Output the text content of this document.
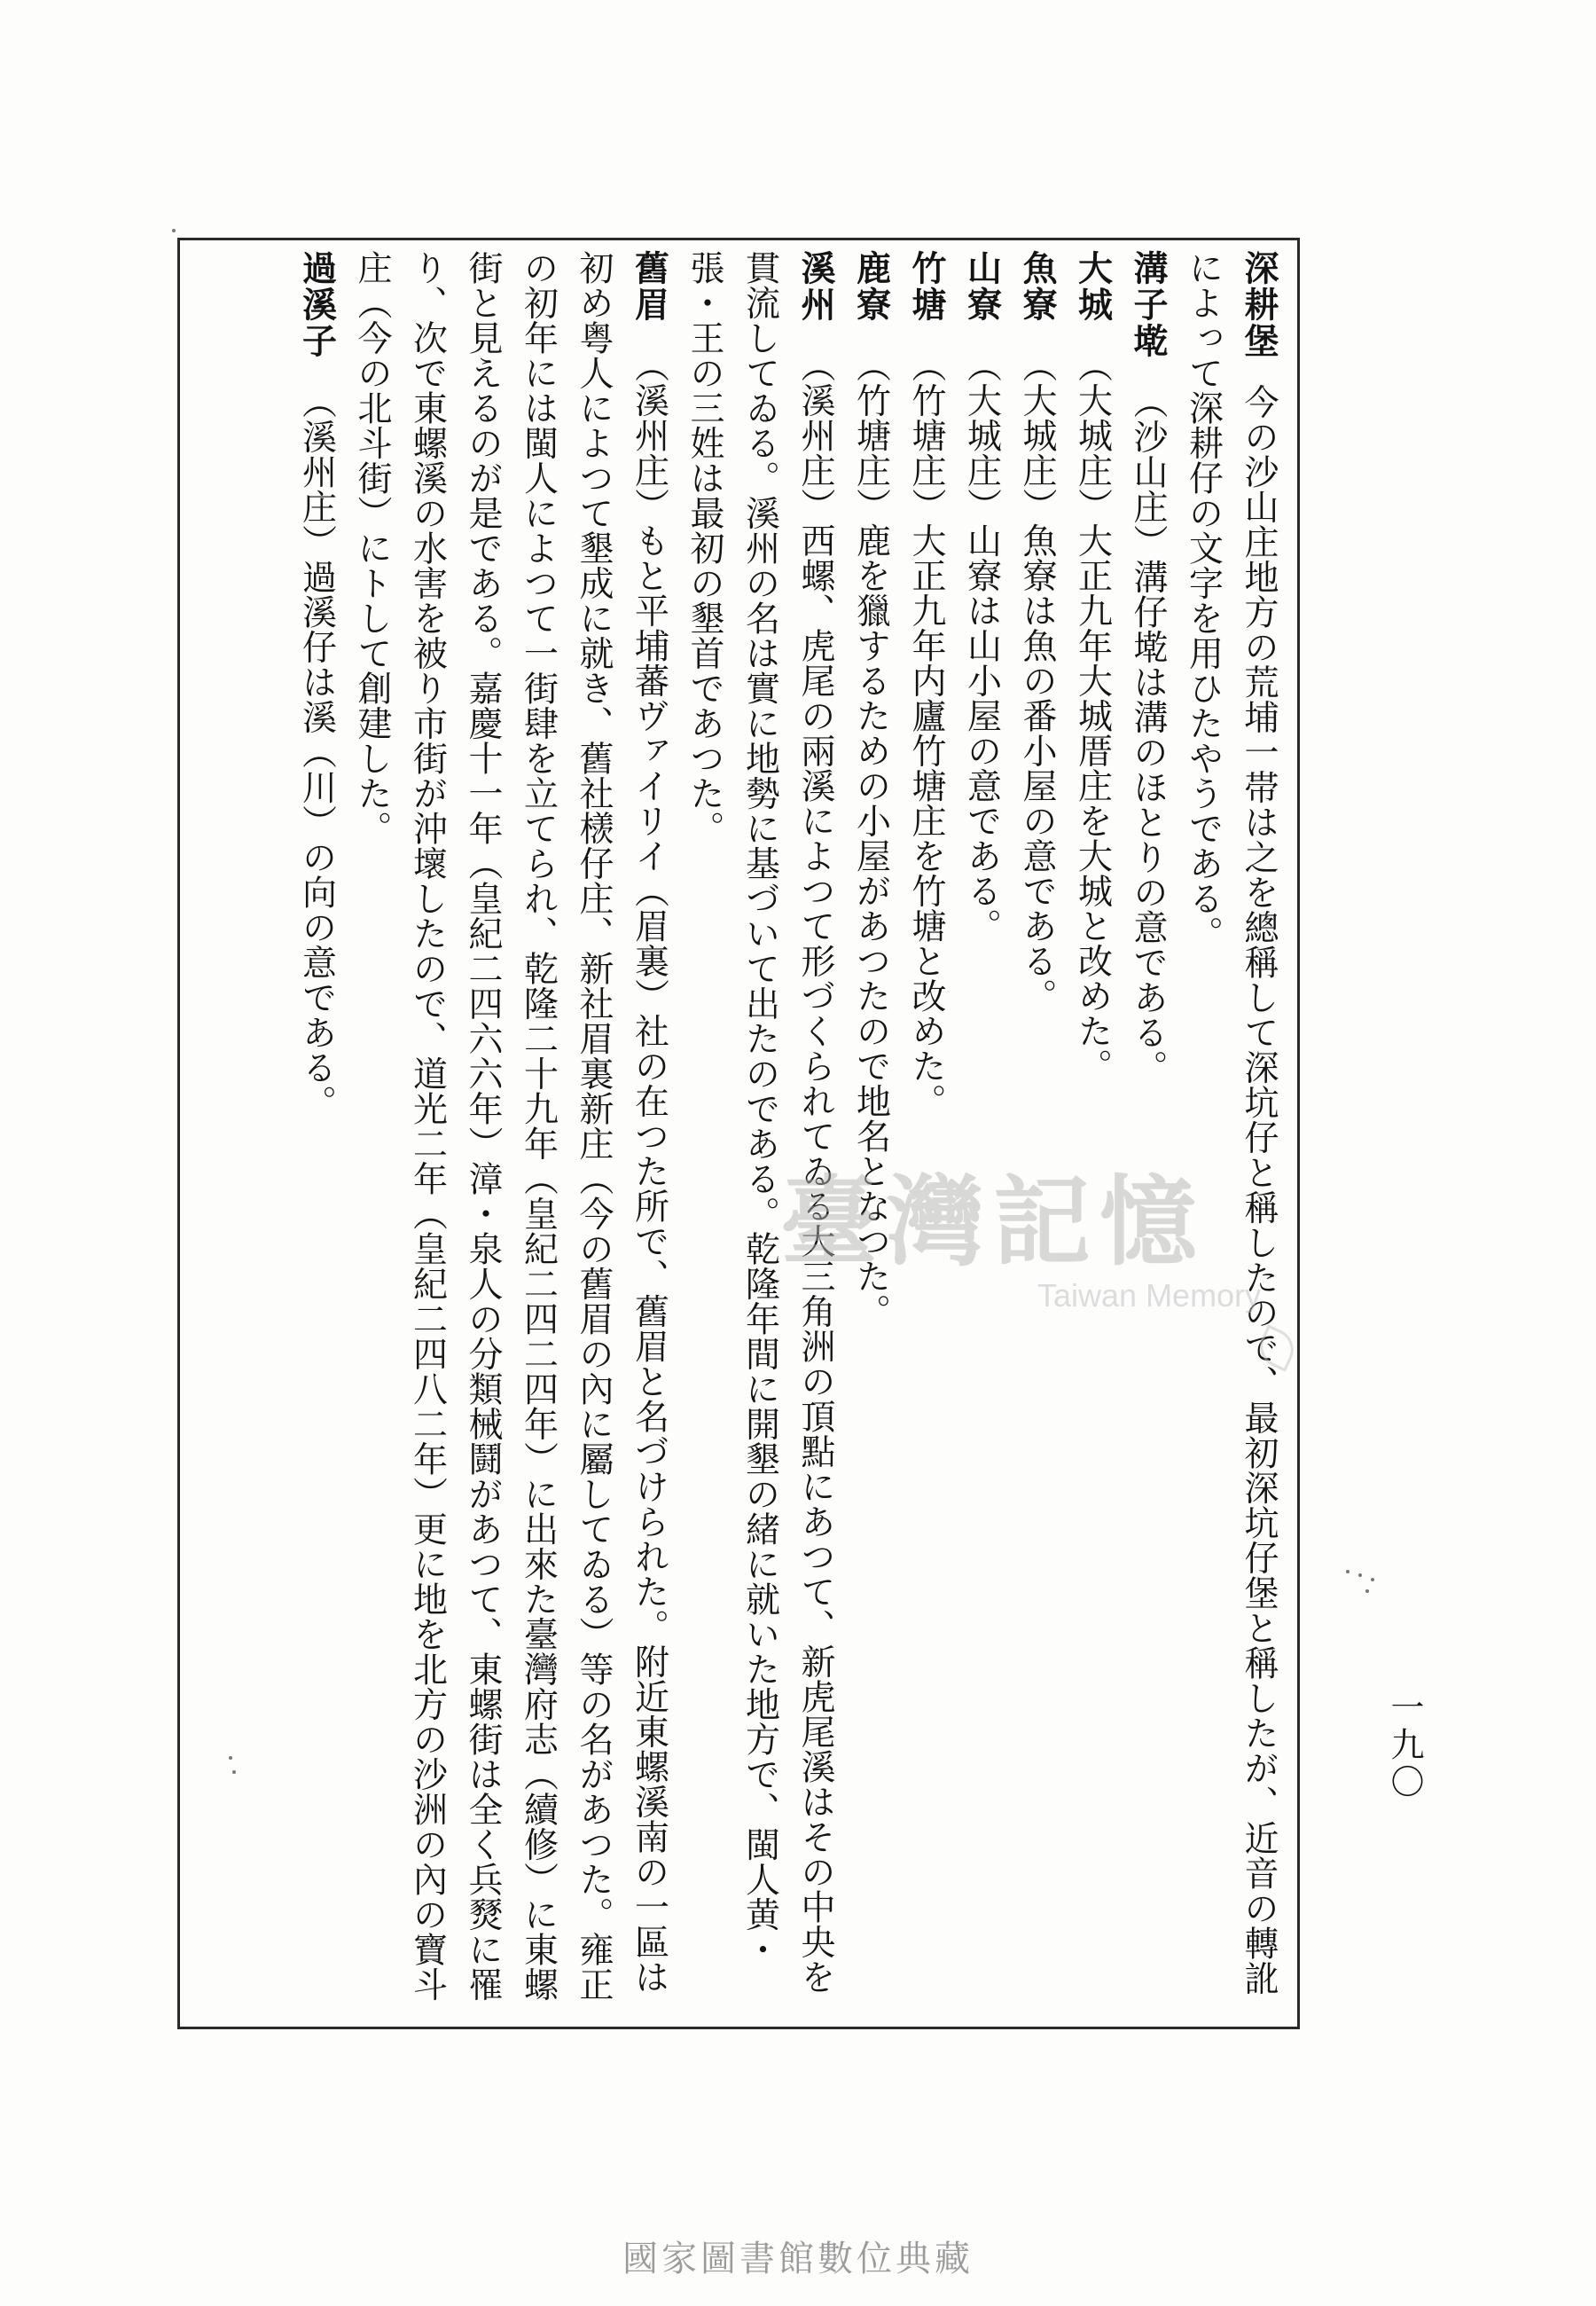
深耕堡今の沙山庄地方の荒埔一帯は之を總稱して深坑仔と稱したので、最初深坑仔堡と稱したが、近音の轉訛によって深耕仔の文字を用ひたやうである。

溝子墘（沙山庄）溝仔墘は溝のほとりの意である。

大城（大城庄）大正九年大城厝庄を大城と改めた。

魚寮（大城庄）魚寮は魚の番小屋の意である。

山寮（大城庄）山寮は山小屋の意である。

竹塘（竹塘庄）大正九年内廬竹塘庄を竹塘と改めた。

鹿寮（竹塘庄）鹿を獵するための小屋があつたので地名となつた。

溪州（溪州庄）西螺、虎尾の兩溪によつて形づくられてゐる大三角洲の頂點にあつて、新虎尾溪はその中央を貫流してゐる。溪州の名は實に地勢に基づいて出たのである。乾隆年間に開墾の緒に就いた地方で、閩人黄・張・王の三姓は最初の墾首であつた。

舊眉（溪州庄）もと平埔蕃ヴァイリイ（眉裏）社の在つた所で、舊眉と名づけられた。附近東螺溪南の一區は初め粤人によつて墾成に就き、舊社檨仔庄、新社眉裏新庄（今の舊眉の內に屬してゐる）等の名があつた。雍正の初年には閩人によつて一街肆を立てられ、乾隆二十九年（皇紀二四二四年）に出來た臺灣府志（續修）に東螺街と見えるのが是である。嘉慶十一年（皇紀二四六六年）漳・泉人の分類械鬪があつて、東螺街は全く兵燹に罹り、次で東螺溪の水害を被り市街が沖壞したので、道光二年（皇紀二四八二年）更に地を北方の沙洲の內の寶斗庄（今の北斗街）にトして創建した。

過溪子（溪州庄）過溪仔は溪（川）の向の意である。

一九〇
臺灣記憶
Taiwan Memory
國家圖書館數位典藏
